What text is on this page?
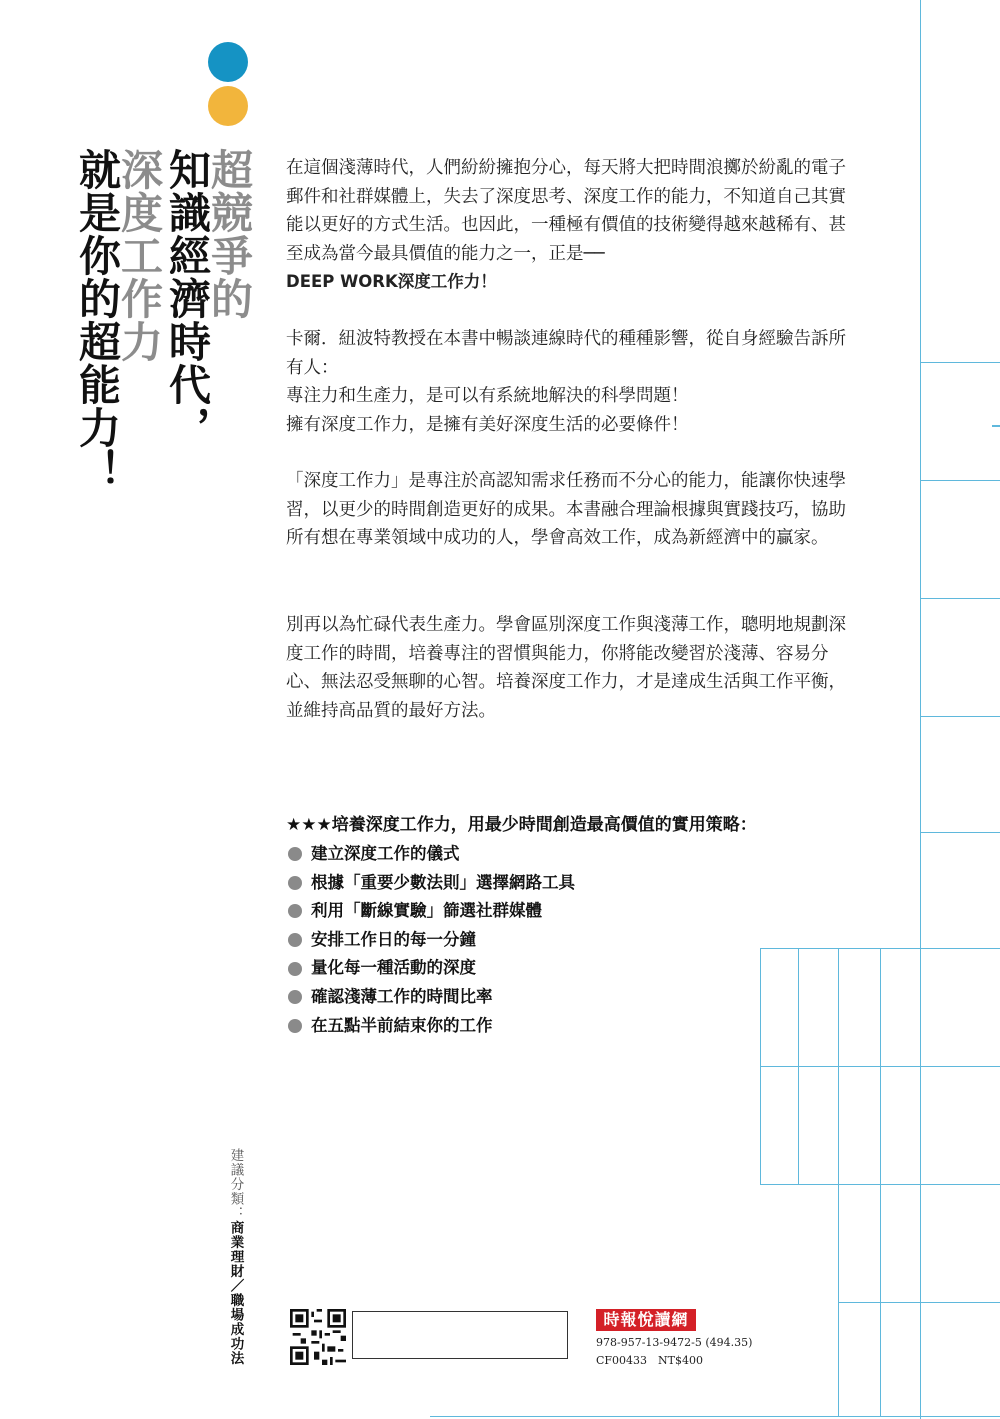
超競爭的
知識經濟時代，
深度工作力
就是你的超能力！	在這個淺薄時代，人們紛紛擁抱分心，每天將大把時間浪擲於紛亂的電子郵件和社群媒體上，失去了深度思考、深度工作的能力，不知道自己其實能以更好的方式生活。也因此，一種極有價值的技術變得越來越稀有、甚至成為當今最具價值的能力之一，正是──
DEEP WORK深度工作力！
卡爾．紐波特教授在本書中暢談連線時代的種種影響，從自身經驗告訴所有人：
專注力和生產力，是可以有系統地解決的科學問題！
擁有深度工作力，是擁有美好深度生活的必要條件！
「深度工作力」是專注於高認知需求任務而不分心的能力，能讓你快速學習，以更少的時間創造更好的成果。本書融合理論根據與實踐技巧，協助所有想在專業領域中成功的人，學會高效工作，成為新經濟中的贏家。
別再以為忙碌代表生產力。學會區別深度工作與淺薄工作，聰明地規劃深度工作的時間，培養專注的習慣與能力，你將能改變習於淺薄、容易分心、無法忍受無聊的心智。培養深度工作力，才是達成生活與工作平衡，並維持高品質的最好方法。
★★★培養深度工作力，用最少時間創造最高價值的實用策略：
建立深度工作的儀式
根據「重要少數法則」選擇網路工具
利用「斷線實驗」篩選社群媒體
安排工作日的每一分鐘
量化每一種活動的深度
確認淺薄工作的時間比率
在五點半前結束你的工作
建議分類：商業理財／職場成功法	時報悅讀網
978-957-13-9472-5 (494.35)
CF00433　NT$400
